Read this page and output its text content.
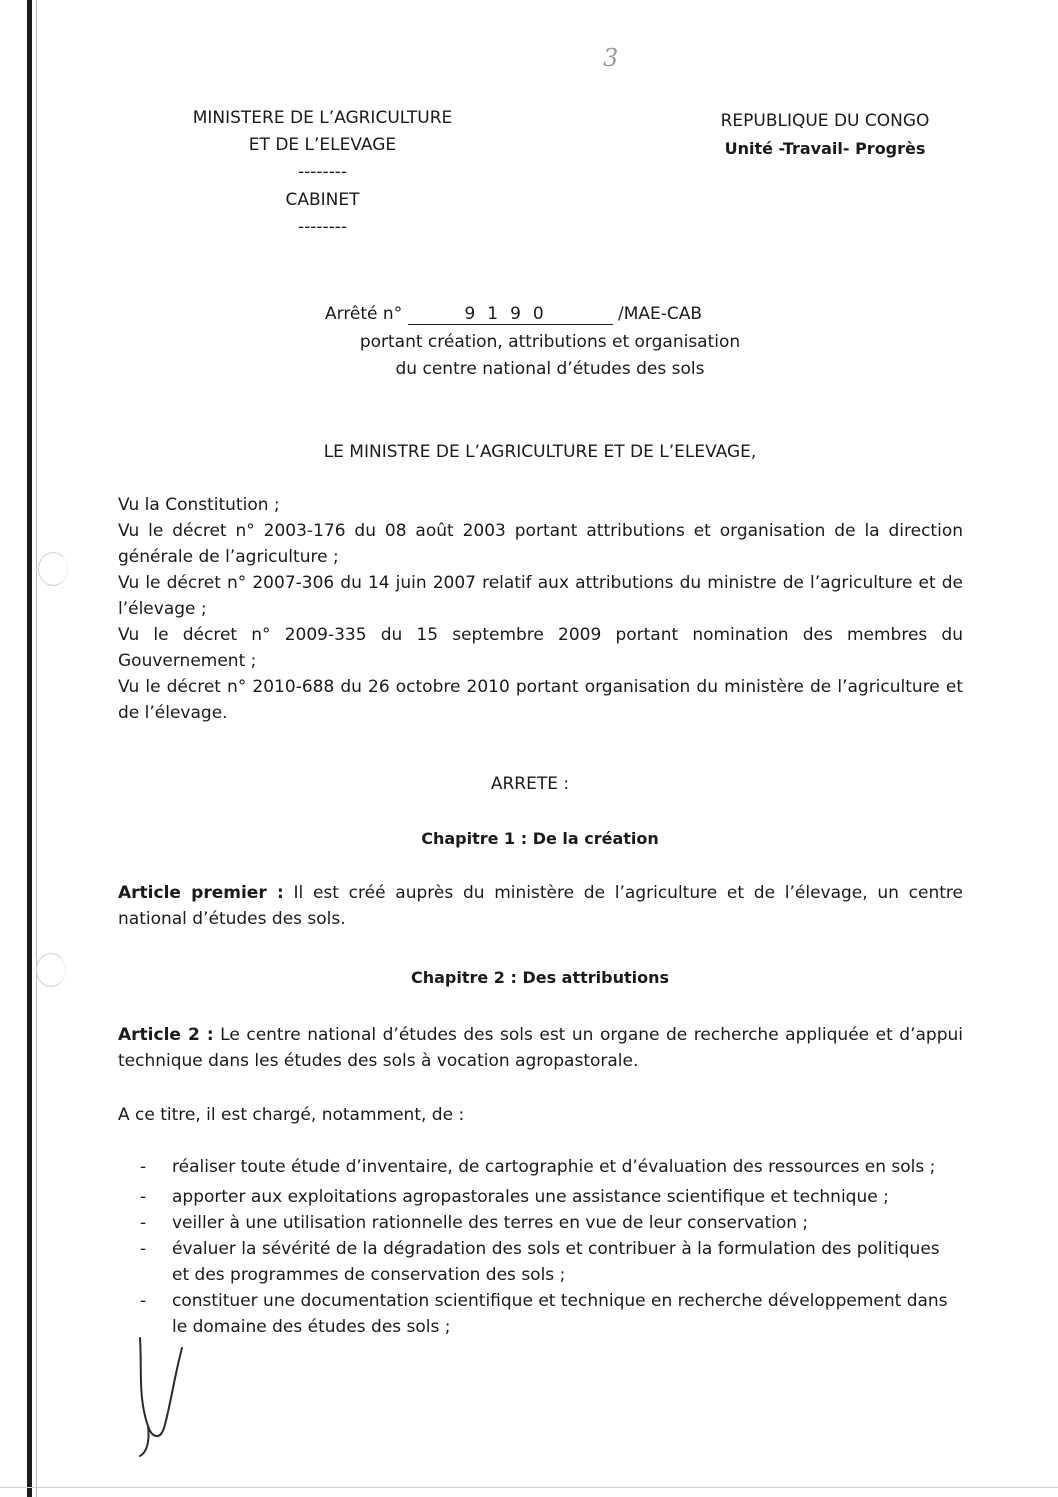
3
MINISTERE DE L’AGRICULTURE
ET DE L’ELEVAGE
--------
CABINET
--------
REPUBLIQUE DU CONGO
Unité -Travail- Progrès
Arrêté n°	9190	/MAE-CAB
portant création, attributions et organisation
du centre national d’études des sols
LE MINISTRE DE L’AGRICULTURE ET DE L’ELEVAGE,

Vu la Constitution ;

Vu le décret n° 2003-176 du 08 août 2003 portant attributions et organisation de la direction générale de l’agriculture ;

Vu le décret n° 2007-306 du 14 juin 2007 relatif aux attributions du ministre de l’agriculture et de l’élevage ;

Vu le décret n° 2009-335 du 15 septembre 2009 portant nomination des membres du Gouvernement ;

Vu le décret n° 2010-688 du 26 octobre 2010 portant organisation du ministère de l’agriculture et de l’élevage.

ARRETE :
Chapitre 1 : De la création
Article premier : Il est créé auprès du ministère de l’agriculture et de l’élevage, un centre national d’études des sols.
Chapitre 2 : Des attributions
Article 2 : Le centre national d’études des sols est un organe de recherche appliquée et d’appui technique dans les études des sols à vocation agropastorale.
A ce titre, il est chargé, notamment, de :
- réaliser toute étude d’inventaire, de cartographie et d’évaluation des ressources en sols ;
- apporter aux exploitations agropastorales une assistance scientifique et technique ;
- veiller à une utilisation rationnelle des terres en vue de leur conservation ;
- évaluer la sévérité de la dégradation des sols et contribuer à la formulation des politiques et des programmes de conservation des sols ;
- constituer une documentation scientifique et technique en recherche développement dans le domaine des études des sols ;
